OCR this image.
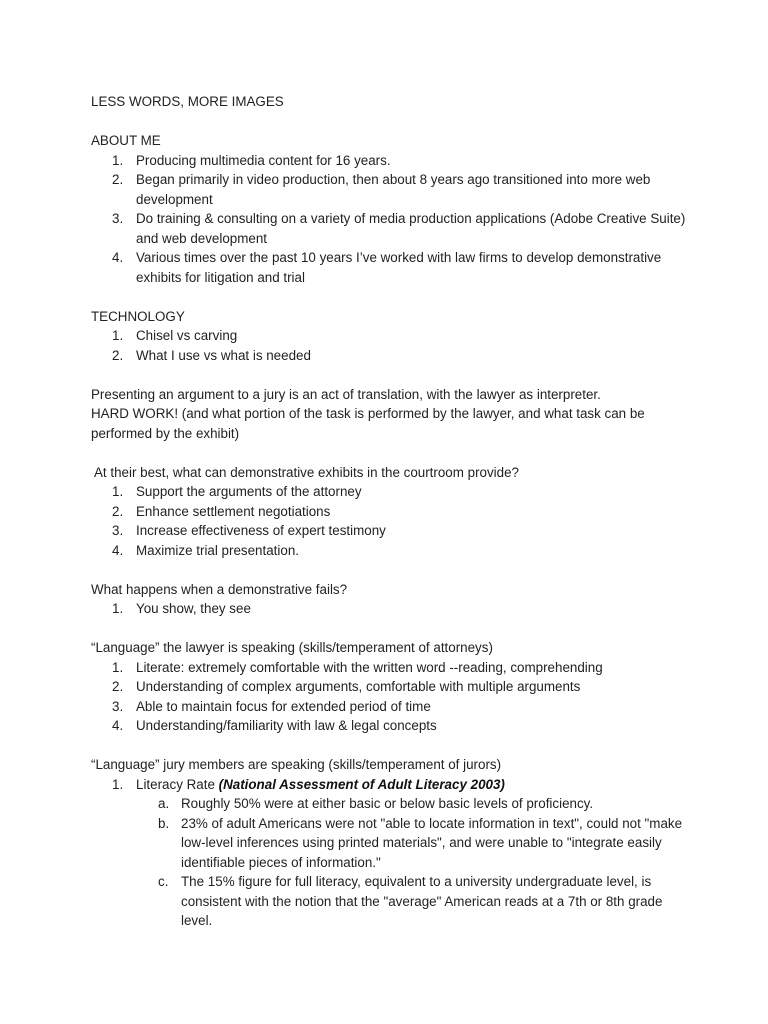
LESS WORDS, MORE IMAGES

ABOUT ME

1. Producing multimedia content for 16 years.
2. Began primarily in video production, then about 8 years ago transitioned into more web development
3. Do training & consulting on a variety of media production applications (Adobe Creative Suite) and web development
4. Various times over the past 10 years I’ve worked with law firms to develop demonstrative exhibits for litigation and trial

TECHNOLOGY

1. Chisel vs carving
2. What I use vs what is needed

Presenting an argument to a jury is an act of translation, with the lawyer as interpreter.

HARD WORK! (and what portion of the task is performed by the lawyer, and what task can be performed by the exhibit)

At their best, what can demonstrative exhibits in the courtroom provide?

1. Support the arguments of the attorney
2. Enhance settlement negotiations
3. Increase effectiveness of expert testimony
4. Maximize trial presentation.

What happens when a demonstrative fails?

1. You show, they see

“Language” the lawyer is speaking (skills/temperament of attorneys)

1. Literate: extremely comfortable with the written word --reading, comprehending
2. Understanding of complex arguments, comfortable with multiple arguments
3. Able to maintain focus for extended period of time
4. Understanding/familiarity with law & legal concepts

“Language” jury members are speaking (skills/temperament of jurors)

1. Literacy Rate (National Assessment of Adult Literacy 2003)
a. Roughly 50% were at either basic or below basic levels of proficiency.
b. 23% of adult Americans were not "able to locate information in text", could not "make low-level inferences using printed materials", and were unable to "integrate easily identifiable pieces of information."
c. The 15% figure for full literacy, equivalent to a university undergraduate level, is consistent with the notion that the "average" American reads at a 7th or 8th grade level.
